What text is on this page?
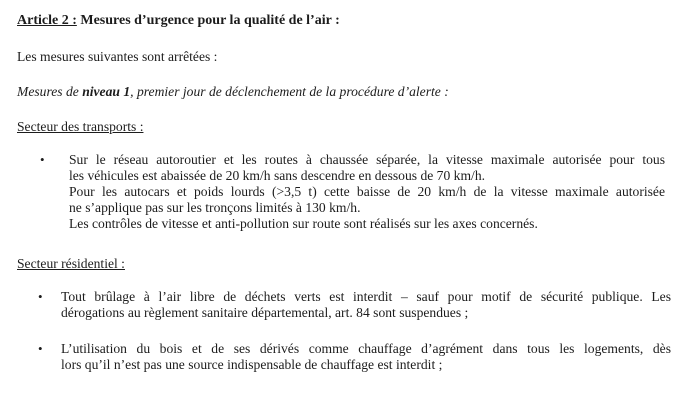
Article 2 : Mesures d’urgence pour la qualité de l’air :
Les mesures suivantes sont arrêtées :
Mesures de niveau 1, premier jour de déclenchement de la procédure d’alerte :
Secteur des transports :
• Sur le réseau autoroutier et les routes à chaussée séparée, la vitesse maximale autorisée pour tous
les véhicules est abaissée de 20 km/h sans descendre en dessous de 70 km/h.
Pour les autocars et poids lourds (>3,5 t) cette baisse de 20 km/h de la vitesse maximale autorisée
ne s’applique pas sur les tronçons limités à 130 km/h.
Les contrôles de vitesse et anti-pollution sur route sont réalisés sur les axes concernés.
Secteur résidentiel :
• Tout brûlage à l’air libre de déchets verts est interdit – sauf pour motif de sécurité publique. Les
dérogations au règlement sanitaire départemental, art. 84 sont suspendues ;
• L’utilisation du bois et de ses dérivés comme chauffage d’agrément dans tous les logements, dès
lors qu’il n’est pas une source indispensable de chauffage est interdit ;
